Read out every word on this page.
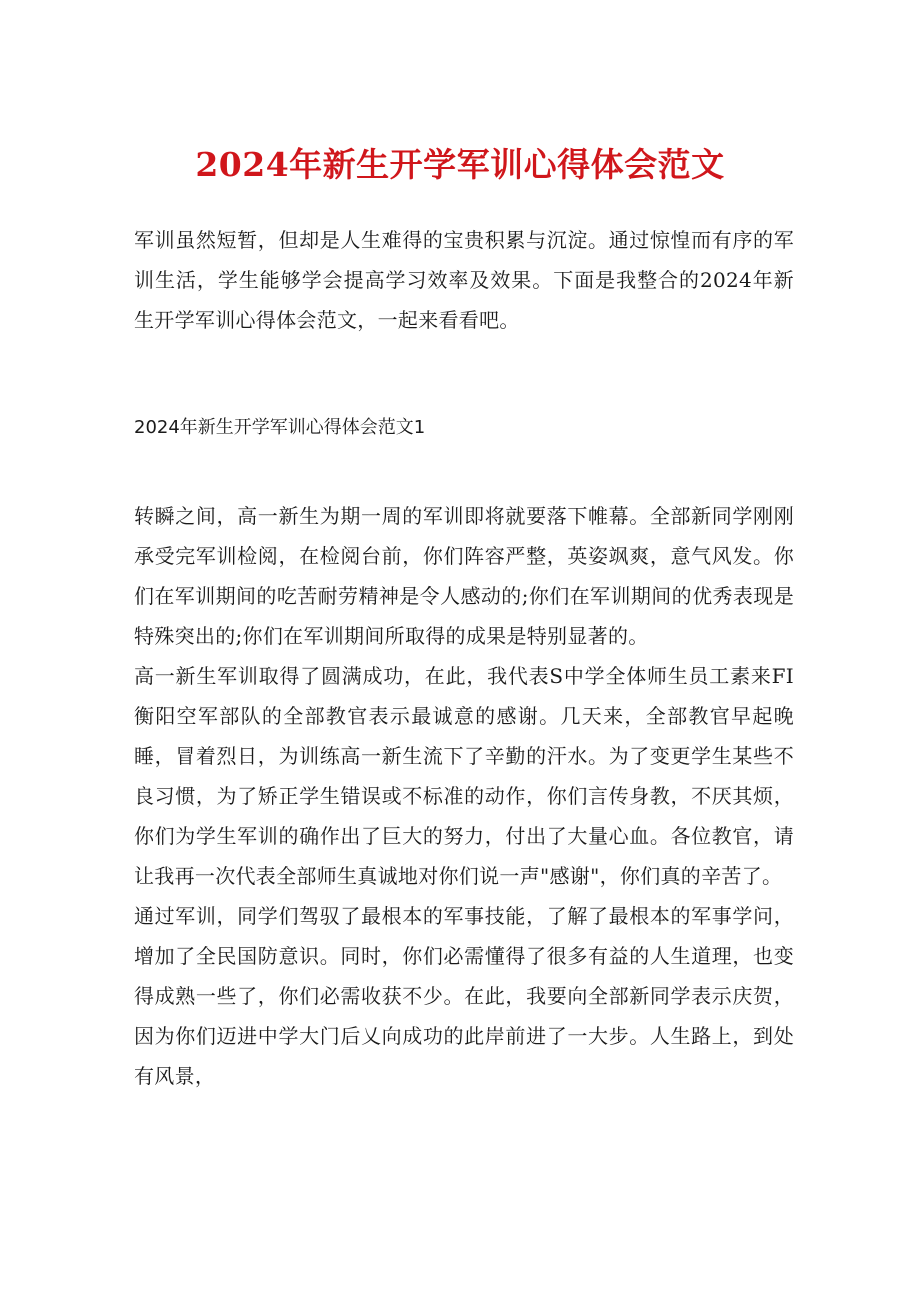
2024年新生开学军训心得体会范文

军训虽然短暂，但却是人生难得的宝贵积累与沉淀。通过惊惶而有序的军训生活，学生能够学会提高学习效率及效果。下面是我整合的2024年新生开学军训心得体会范文，一起来看看吧。

2024年新生开学军训心得体会范文1

转瞬之间，高一新生为期一周的军训即将就要落下帷幕。全部新同学刚刚承受完军训检阅，在检阅台前，你们阵容严整，英姿飒爽，意气风发。你们在军训期间的吃苦耐劳精神是令人感动的;你们在军训期间的优秀表现是特殊突出的;你们在军训期间所取得的成果是特别显著的。

高一新生军训取得了圆满成功，在此，我代表S中学全体师生员工素来FI衡阳空军部队的全部教官表示最诚意的感谢。几天来，全部教官早起晚睡，冒着烈日，为训练高一新生流下了辛勤的汗水。为了变更学生某些不良习惯，为了矫正学生错误或不标准的动作，你们言传身教，不厌其烦，你们为学生军训的确作出了巨大的努力，付出了大量心血。各位教官，请让我再一次代表全部师生真诚地对你们说一声"感谢"，你们真的辛苦了。

通过军训，同学们驾驭了最根本的军事技能，了解了最根本的军事学问，增加了全民国防意识。同时，你们必需懂得了很多有益的人生道理，也变得成熟一些了，你们必需收获不少。在此，我要向全部新同学表示庆贺，因为你们迈进中学大门后乂向成功的此岸前进了一大步。人生路上，到处有风景，
